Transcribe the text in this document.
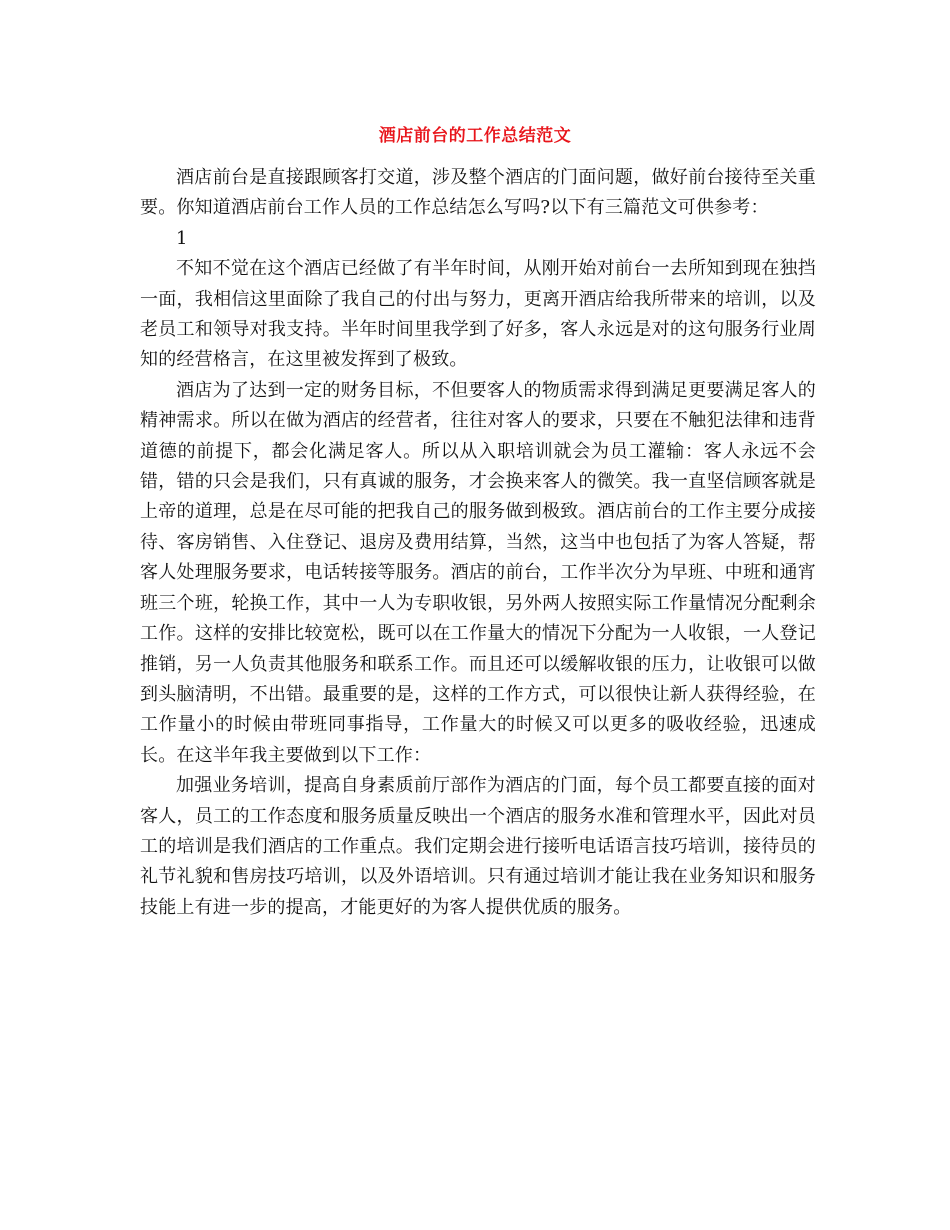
酒店前台的工作总结范文

酒店前台是直接跟顾客打交道，涉及整个酒店的门面问题，做好前台接待至关重要。你知道酒店前台工作人员的工作总结怎么写吗?以下有三篇范文可供参考：

1

不知不觉在这个酒店已经做了有半年时间，从刚开始对前台一去所知到现在独挡一面，我相信这里面除了我自己的付出与努力，更离开酒店给我所带来的培训，以及老员工和领导对我支持。半年时间里我学到了好多，客人永远是对的这句服务行业周知的经营格言，在这里被发挥到了极致。

酒店为了达到一定的财务目标，不但要客人的物质需求得到满足更要满足客人的精神需求。所以在做为酒店的经营者，往往对客人的要求，只要在不触犯法律和违背道德的前提下，都会化满足客人。所以从入职培训就会为员工灌输：客人永远不会错，错的只会是我们，只有真诚的服务，才会换来客人的微笑。我一直坚信顾客就是上帝的道理，总是在尽可能的把我自己的服务做到极致。酒店前台的工作主要分成接待、客房销售、入住登记、退房及费用结算，当然，这当中也包括了为客人答疑，帮客人处理服务要求，电话转接等服务。酒店的前台，工作半次分为早班、中班和通宵班三个班，轮换工作，其中一人为专职收银，另外两人按照实际工作量情况分配剩余工作。这样的安排比较宽松，既可以在工作量大的情况下分配为一人收银，一人登记推销，另一人负责其他服务和联系工作。而且还可以缓解收银的压力，让收银可以做到头脑清明，不出错。最重要的是，这样的工作方式，可以很快让新人获得经验，在工作量小的时候由带班同事指导，工作量大的时候又可以更多的吸收经验，迅速成长。在这半年我主要做到以下工作：

加强业务培训，提高自身素质前厅部作为酒店的门面，每个员工都要直接的面对客人，员工的工作态度和服务质量反映出一个酒店的服务水准和管理水平，因此对员工的培训是我们酒店的工作重点。我们定期会进行接听电话语言技巧培训，接待员的礼节礼貌和售房技巧培训，以及外语培训。只有通过培训才能让我在业务知识和服务技能上有进一步的提高，才能更好的为客人提供优质的服务。
